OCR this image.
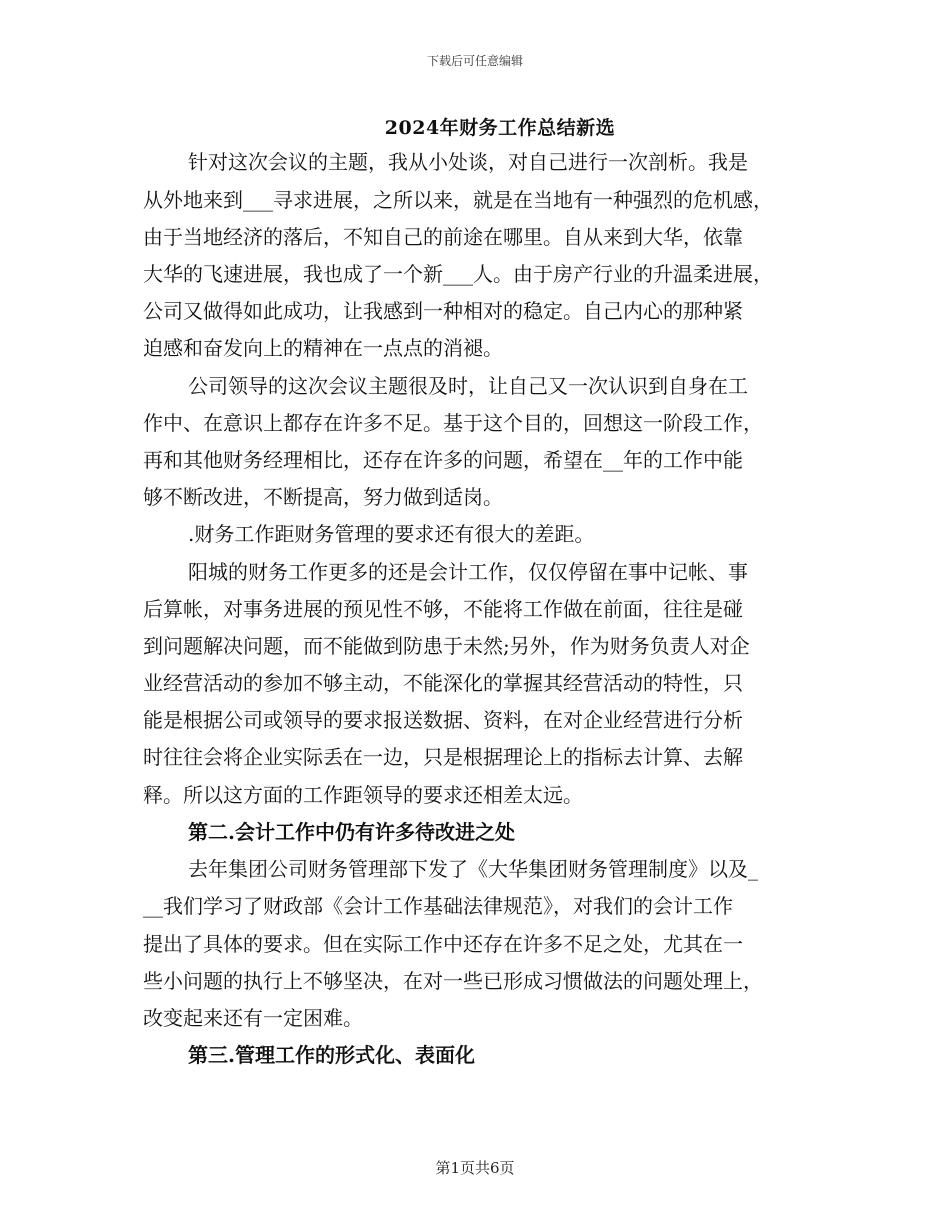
下载后可任意编辑
2024年财务工作总结新选
针对这次会议的主题，我从小处谈，对自己进行一次剖析。我是
从外地来到___寻求进展，之所以来，就是在当地有一种强烈的危机感，
由于当地经济的落后，不知自己的前途在哪里。自从来到大华，依靠
大华的飞速进展，我也成了一个新___人。由于房产行业的升温柔进展，
公司又做得如此成功，让我感到一种相对的稳定。自己内心的那种紧
迫感和奋发向上的精神在一点点的消褪。
公司领导的这次会议主题很及时，让自己又一次认识到自身在工
作中、在意识上都存在许多不足。基于这个目的，回想这一阶段工作，
再和其他财务经理相比，还存在许多的问题，希望在__年的工作中能
够不断改进，不断提高，努力做到适岗。
.财务工作距财务管理的要求还有很大的差距。
阳城的财务工作更多的还是会计工作，仅仅停留在事中记帐、事
后算帐，对事务进展的预见性不够，不能将工作做在前面，往往是碰
到问题解决问题，而不能做到防患于未然;另外，作为财务负责人对企
业经营活动的参加不够主动，不能深化的掌握其经营活动的特性，只
能是根据公司或领导的要求报送数据、资料，在对企业经营进行分析
时往往会将企业实际丢在一边，只是根据理论上的指标去计算、去解
释。所以这方面的工作距领导的要求还相差太远。
第二.会计工作中仍有许多待改进之处
去年集团公司财务管理部下发了《大华集团财务管理制度》以及_
__我们学习了财政部《会计工作基础法律规范》，对我们的会计工作
提出了具体的要求。但在实际工作中还存在许多不足之处，尤其在一
些小问题的执行上不够坚决，在对一些已形成习惯做法的问题处理上，
改变起来还有一定困难。
第三.管理工作的形式化、表面化
第1页共6页
